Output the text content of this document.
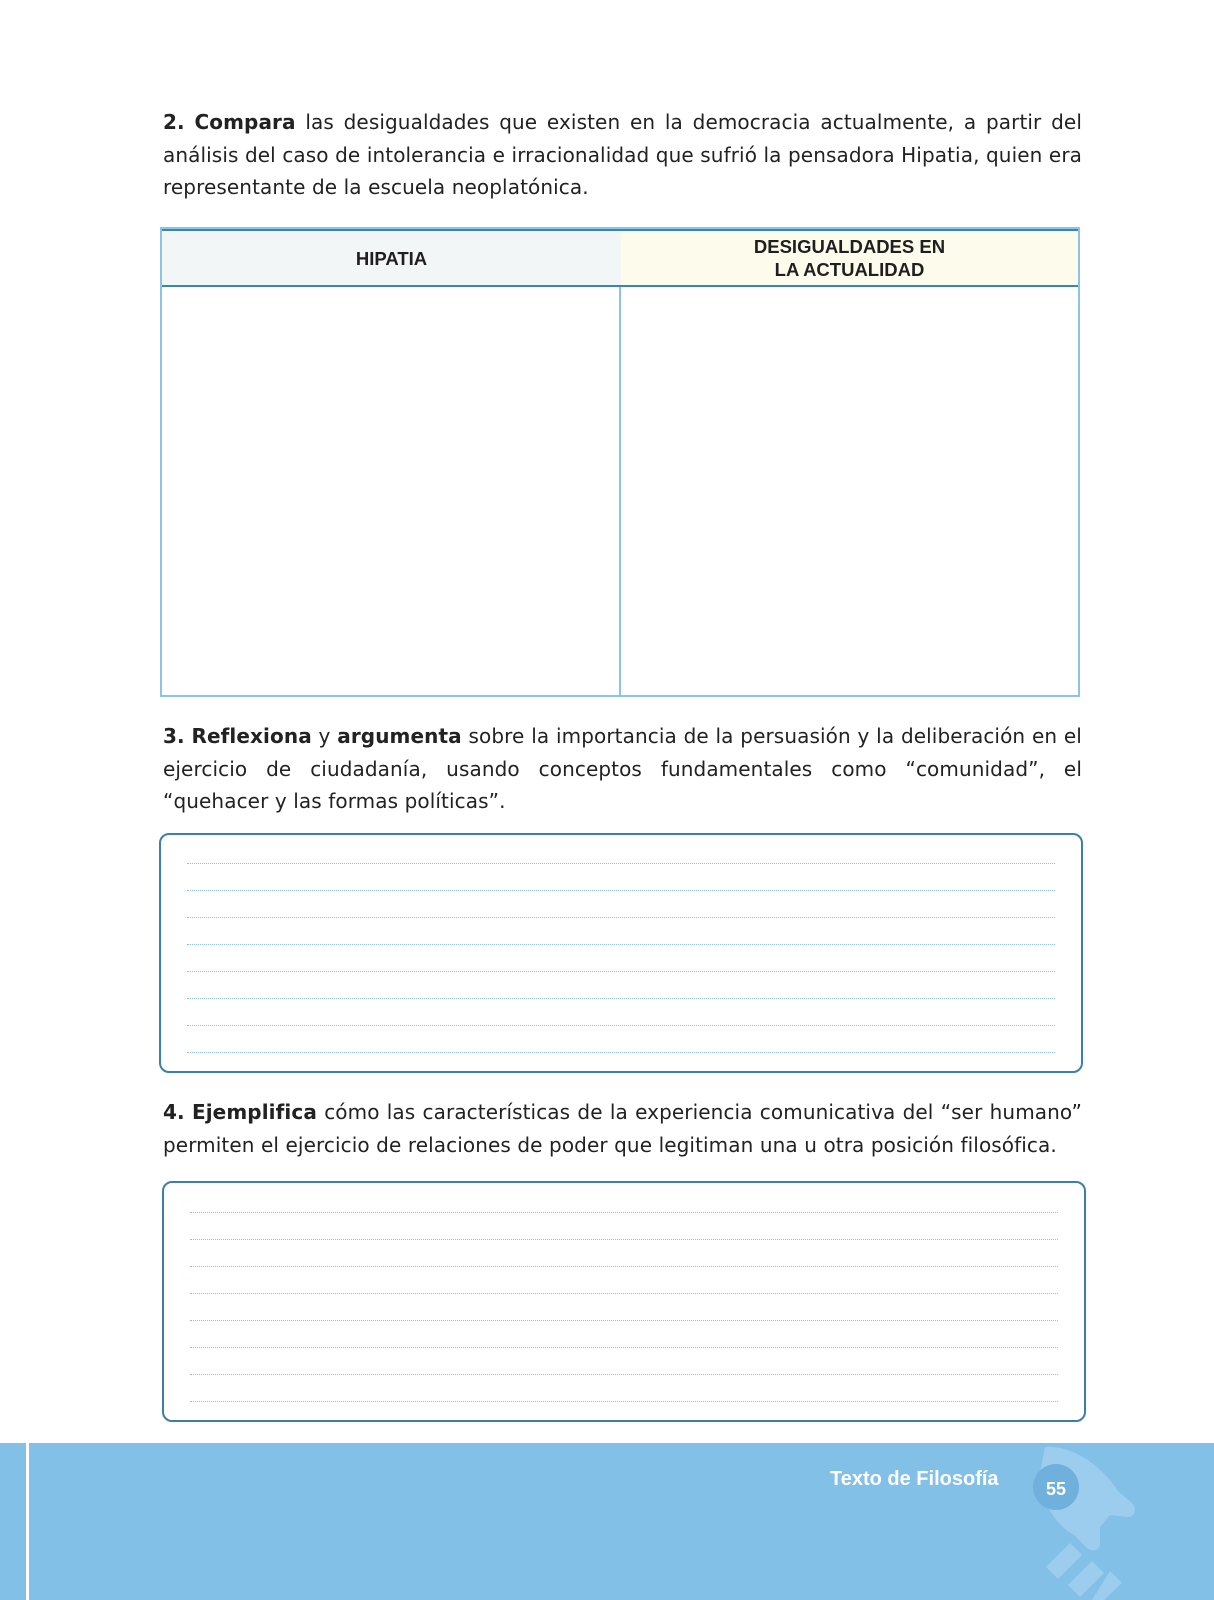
2. Compara las desigualdades que existen en la democracia actualmente, a partir del análisis del caso de intolerancia e irracionalidad que sufrió la pensadora Hipatia, quien era representante de la escuela neoplatónica.

HIPATIA
DESIGUALDADES EN
LA ACTUALIDAD

3. Reflexiona y argumenta sobre la importancia de la persuasión y la deliberación en el ejercicio de ciudadanía, usando conceptos fundamentales como “comunidad”, el “quehacer y las formas políticas”.

4. Ejemplifica cómo las características de la experiencia comunicativa del “ser humano” permiten el ejercicio de relaciones de poder que legitiman una u otra posición filosófica.

Texto de Filosofía	55
